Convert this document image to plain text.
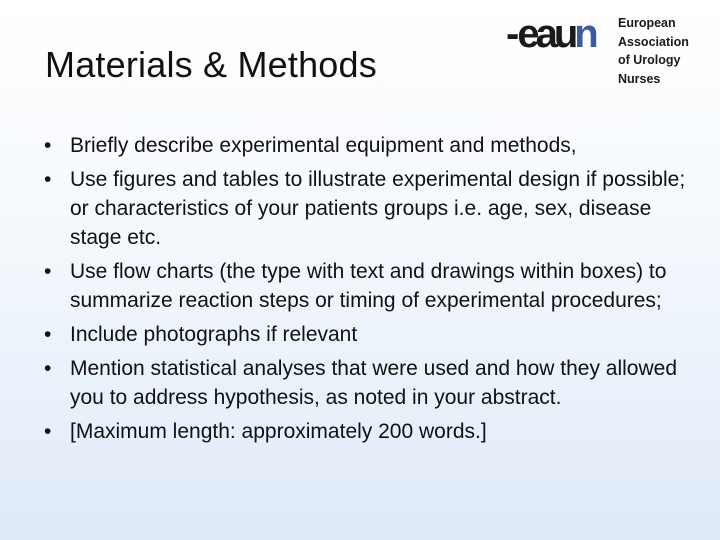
Materials & Methods
-eaun European
Association
of Urology
Nurses
• Briefly describe experimental equipment and methods,
• Use figures and tables to illustrate experimental design if possible; or characteristics of your patients groups i.e. age, sex, disease stage etc.
• Use flow charts (the type with text and drawings within boxes) to summarize reaction steps or timing of experimental procedures;
• Include photographs if relevant
• Mention statistical analyses that were used and how they allowed you to address hypothesis, as noted in your abstract.
• [Maximum length: approximately 200 words.]
